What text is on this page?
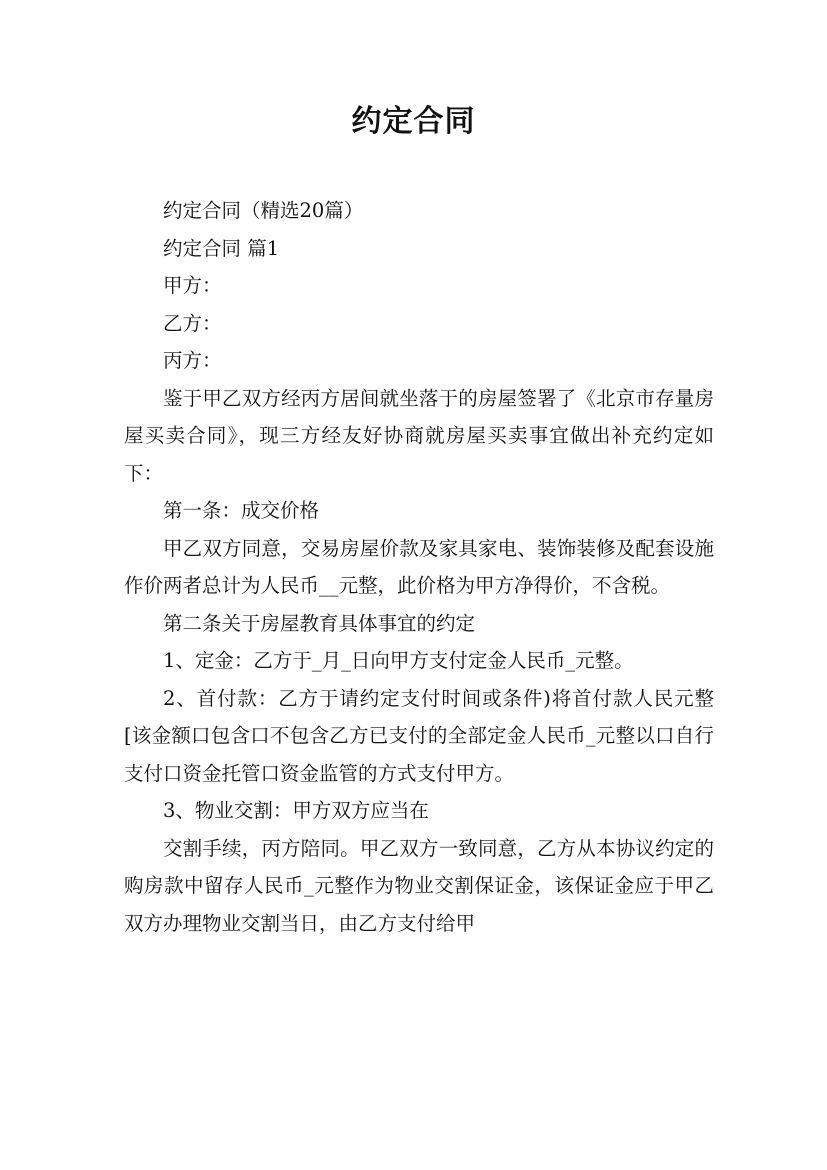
约定合同

约定合同（精选20篇）

约定合同 篇1

甲方：

乙方：

丙方：

鉴于甲乙双方经丙方居间就坐落于的房屋签署了《北京市存量房屋买卖合同》，现三方经友好协商就房屋买卖事宜做出补充约定如下：

第一条：成交价格

甲乙双方同意，交易房屋价款及家具家电、装饰装修及配套设施作价两者总计为人民币__元整，此价格为甲方净得价，不含税。

第二条关于房屋教育具体事宜的约定

1、定金：乙方于_月_日向甲方支付定金人民币_元整。

2、首付款：乙方于请约定支付时间或条件)将首付款人民元整[该金额口包含口不包含乙方已支付的全部定金人民币_元整以口自行支付口资金托管口资金监管的方式支付甲方。

3、物业交割：甲方双方应当在

交割手续，丙方陪同。甲乙双方一致同意，乙方从本协议约定的购房款中留存人民币_元整作为物业交割保证金，该保证金应于甲乙双方办理物业交割当日，由乙方支付给甲
